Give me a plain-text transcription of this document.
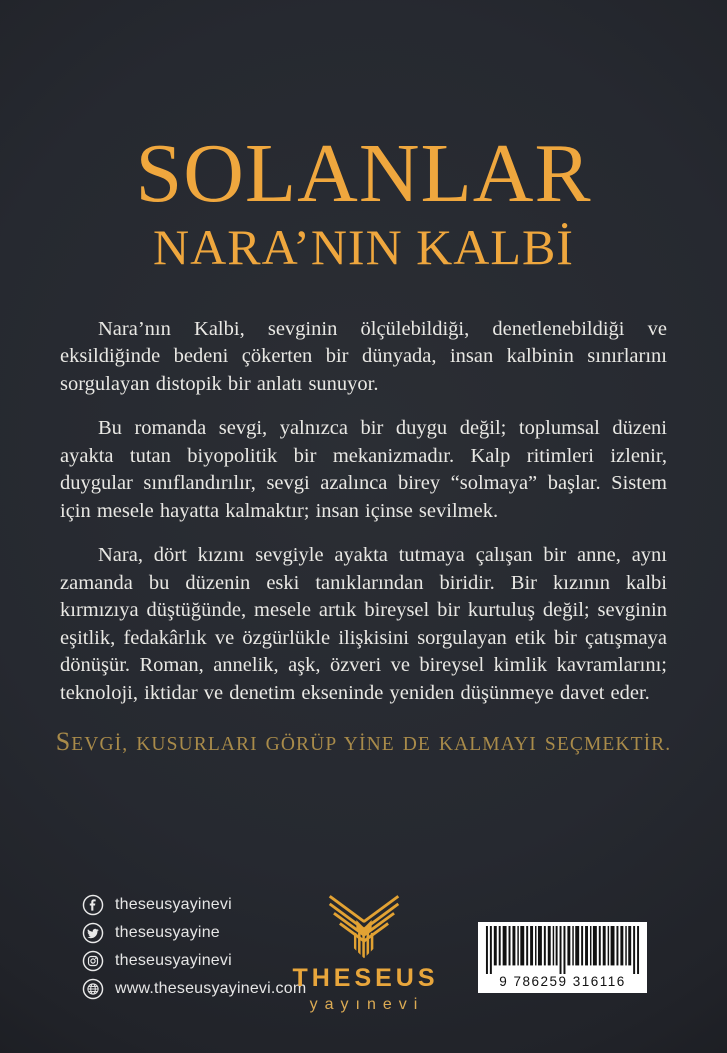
SOLANLAR
NARA’NIN KALBİ

Nara’nın Kalbi, sevginin ölçülebildiği, denetlenebildiği ve eksildiğinde bedeni çökerten bir dünyada, insan kalbinin sınırlarını sorgulayan distopik bir anlatı sunuyor.

Bu romanda sevgi, yalnızca bir duygu değil; toplumsal düzeni ayakta tutan biyopolitik bir mekanizmadır. Kalp ritimleri izlenir, duygular sınıflandırılır, sevgi azalınca birey “solmaya” başlar. Sistem için mesele hayatta kalmaktır; insan içinse sevilmek.

Nara, dört kızını sevgiyle ayakta tutmaya çalışan bir anne, aynı zamanda bu düzenin eski tanıklarından biridir. Bir kızının kalbi kırmızıya düştüğünde, mesele artık bireysel bir kurtuluş değil; sevginin eşitlik, fedakârlık ve özgürlükle ilişkisini sorgulayan etik bir çatışmaya dönüşür. Roman, annelik, aşk, özveri ve bireysel kimlik kavramlarını; teknoloji, iktidar ve denetim ekseninde yeniden düşünmeye davet eder.

SEVGİ, KUSURLARI GÖRÜP YİNE DE KALMAYI SEÇMEKTİR.

theseusyayinevi
theseusyayine
theseusyayinevi
www.theseusyayinevi.com
THESEUS
yayınevi
9 786259 316116
